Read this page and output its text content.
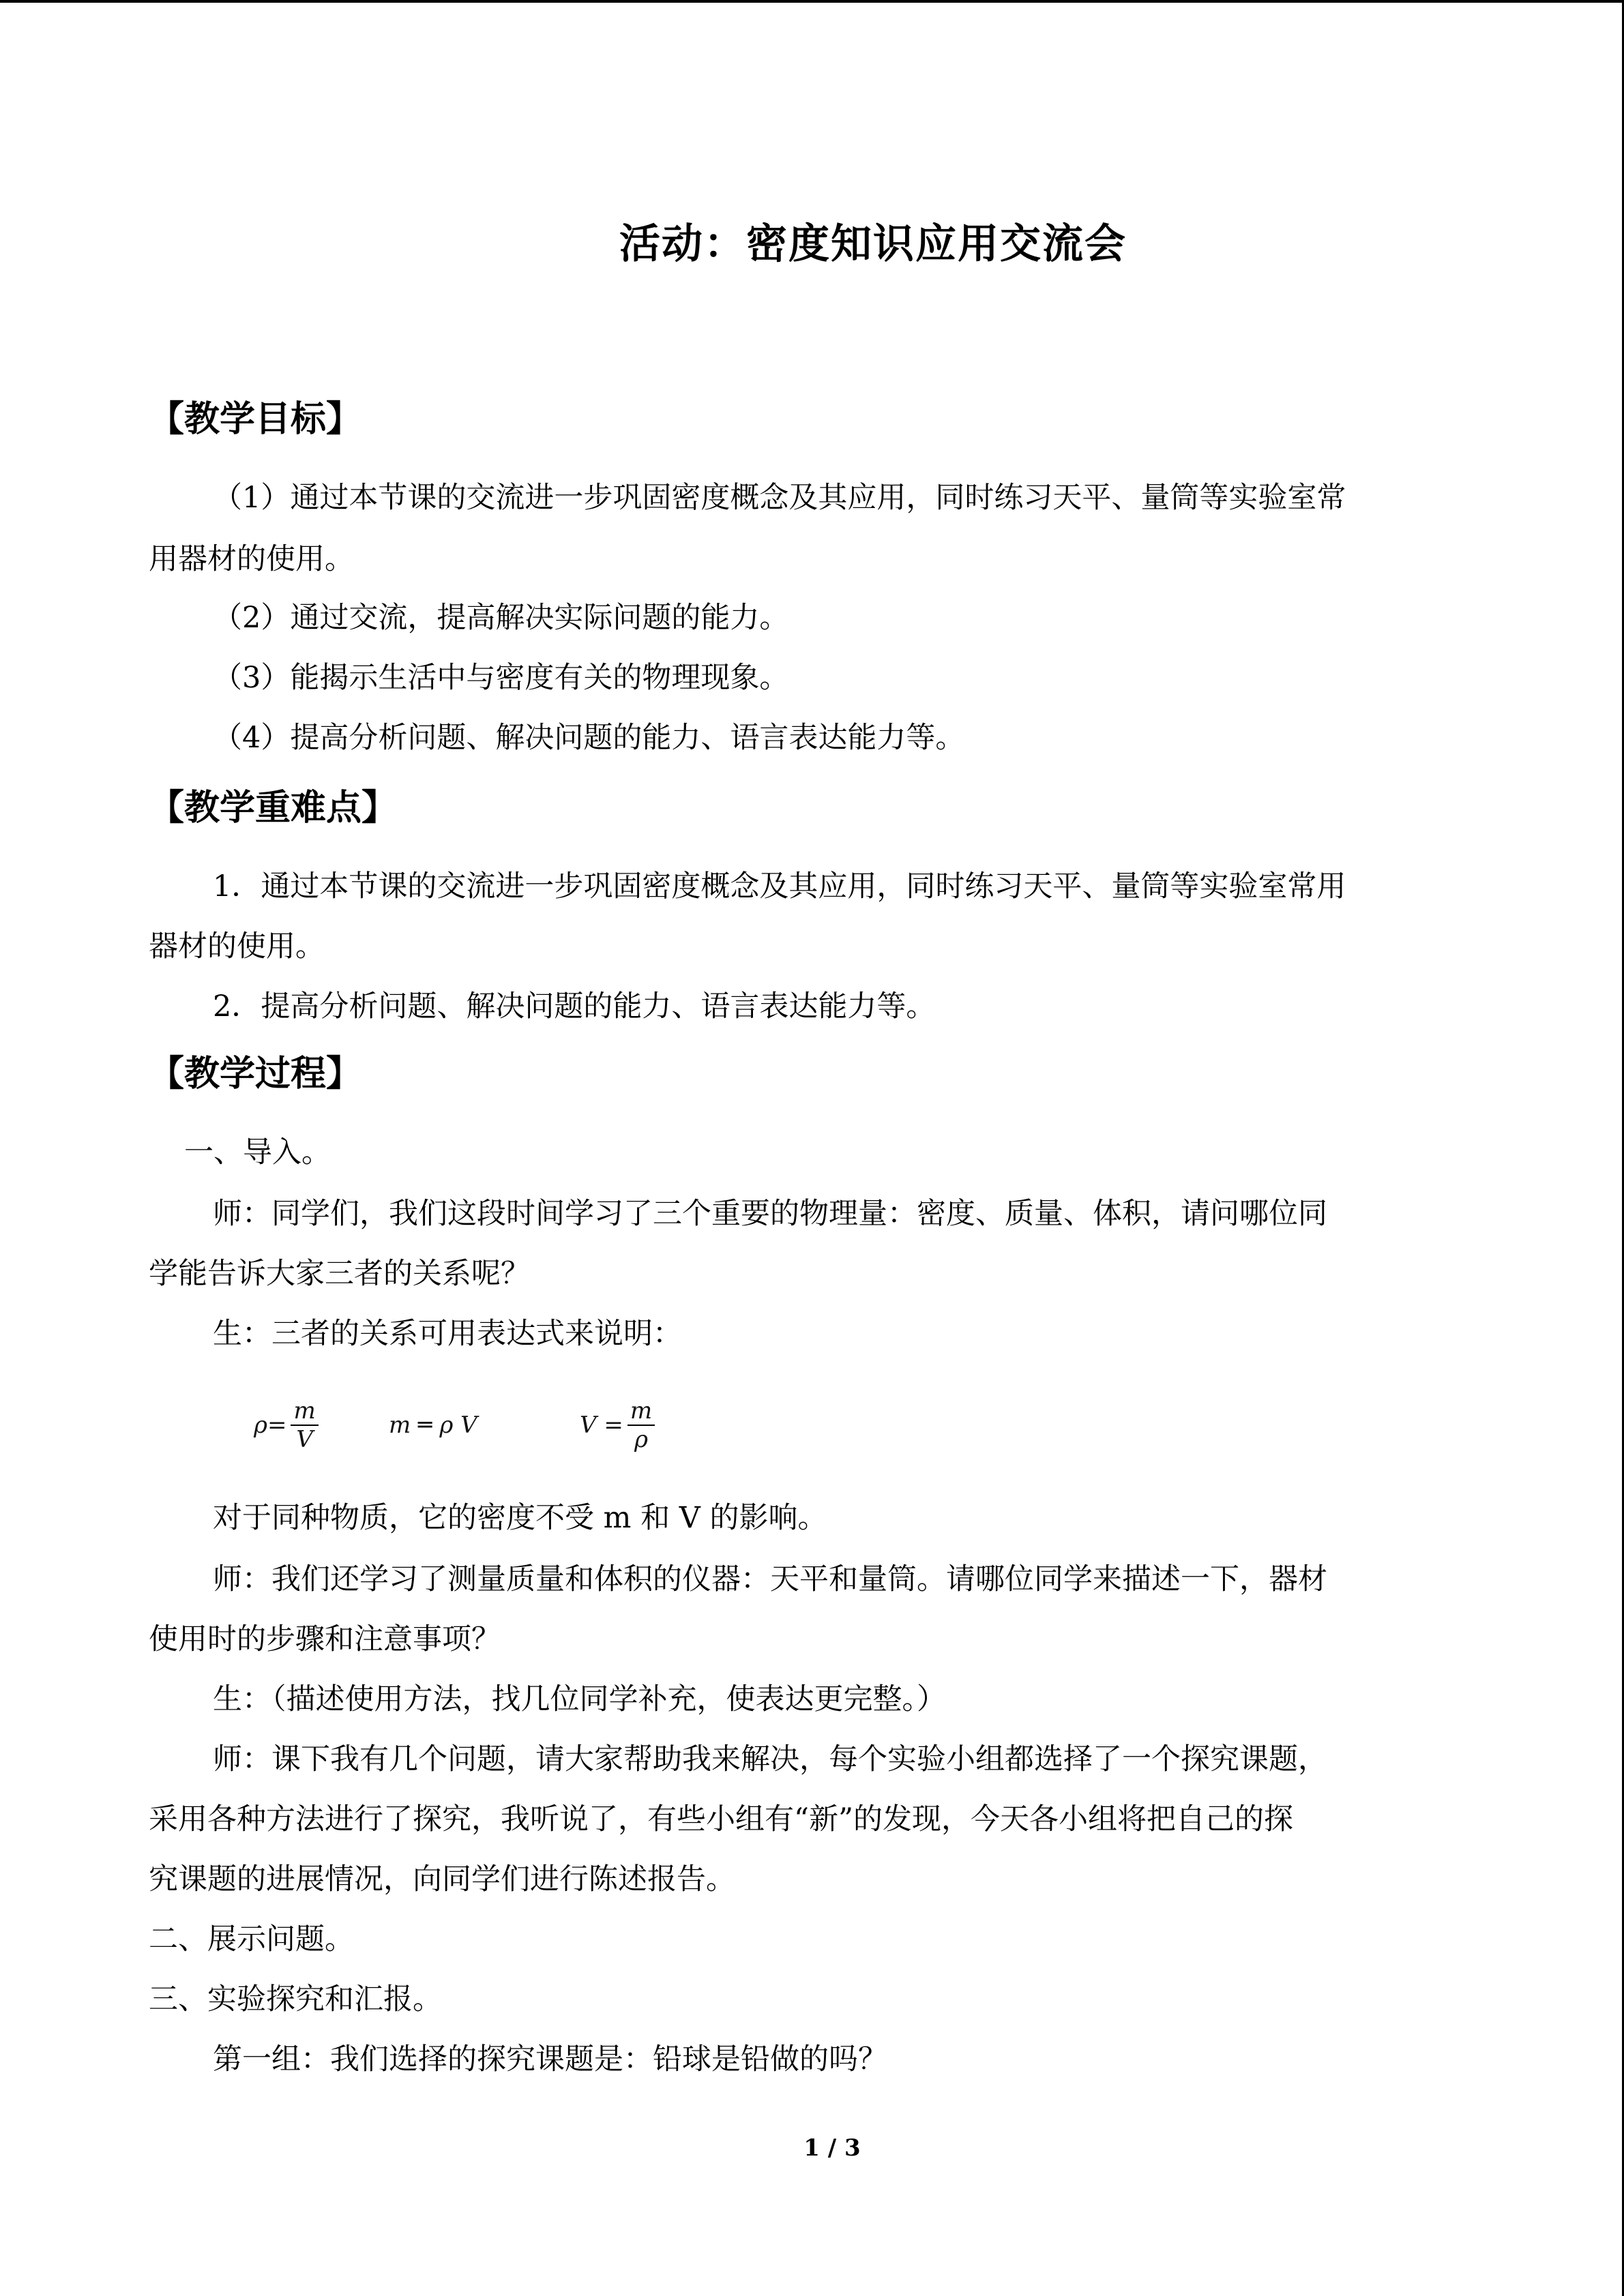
活动：密度知识应用交流会
【教学目标】
（1）通过本节课的交流进一步巩固密度概念及其应用，同时练习天平、量筒等实验室常
用器材的使用。
（2）通过交流，提高解决实际问题的能力。
（3）能揭示生活中与密度有关的物理现象。
（4）提高分析问题、解决问题的能力、语言表达能力等。
【教学重难点】
1．通过本节课的交流进一步巩固密度概念及其应用，同时练习天平、量筒等实验室常用
器材的使用。
2．提高分析问题、解决问题的能力、语言表达能力等。
【教学过程】
一、导入。
师：同学们，我们这段时间学习了三个重要的物理量：密度、质量、体积，请问哪位同
学能告诉大家三者的关系呢？
生：三者的关系可用表达式来说明：
$\rho= \frac{m}{V}$	m ═ ρ V	$V = \frac{m}{\rho}$
对于同种物质，它的密度不受 m 和 V 的影响。
师：我们还学习了测量质量和体积的仪器：天平和量筒。请哪位同学来描述一下，器材
使用时的步骤和注意事项？
生：（描述使用方法，找几位同学补充，使表达更完整。）
师：课下我有几个问题，请大家帮助我来解决，每个实验小组都选择了一个探究课题，
采用各种方法进行了探究，我听说了，有些小组有“新”的发现，今天各小组将把自己的探
究课题的进展情况，向同学们进行陈述报告。
二、展示问题。
三、实验探究和汇报。
第一组：我们选择的探究课题是：铅球是铅做的吗？
1 / 3
